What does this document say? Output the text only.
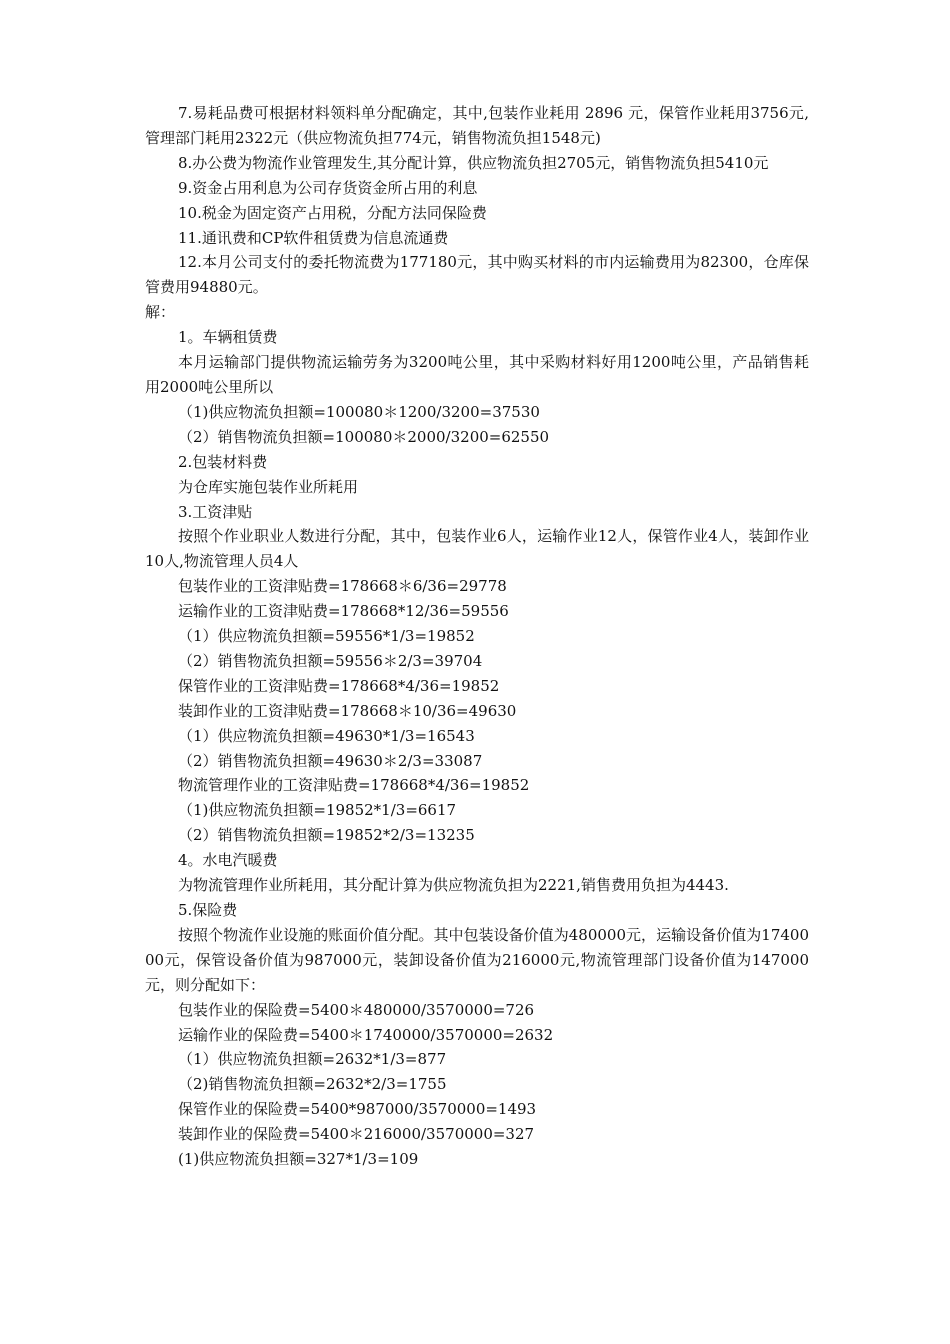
7.易耗品费可根据材料领料单分配确定，其中,包装作业耗用 2896 元，保管作业耗用3756元,管理部门耗用2322元（供应物流负担774元，销售物流负担1548元)

8.办公费为物流作业管理发生,其分配计算，供应物流负担2705元，销售物流负担5410元

9.资金占用利息为公司存货资金所占用的利息

10.税金为固定资产占用税，分配方法同保险费

11.通讯费和CP软件租赁费为信息流通费

12.本月公司支付的委托物流费为177180元，其中购买材料的市内运输费用为82300，仓库保管费用94880元。

解：

1。车辆租赁费

本月运输部门提供物流运输劳务为3200吨公里，其中采购材料好用1200吨公里，产品销售耗用2000吨公里所以

（1)供应物流负担额=100080＊1200/3200=37530

（2）销售物流负担额=100080＊2000/3200=62550

2.包装材料费

为仓库实施包装作业所耗用

3.工资津贴

按照个作业职业人数进行分配，其中，包装作业6人，运输作业12人，保管作业4人，装卸作业10人,物流管理人员4人

包装作业的工资津贴费=178668＊6/36=29778

运输作业的工资津贴费=178668*12/36=59556

（1）供应物流负担额=59556*1/3=19852

（2）销售物流负担额=59556＊2/3=39704

保管作业的工资津贴费=178668*4/36=19852

装卸作业的工资津贴费=178668＊10/36=49630

（1）供应物流负担额=49630*1/3=16543

（2）销售物流负担额=49630＊2/3=33087

物流管理作业的工资津贴费=178668*4/36=19852

（1)供应物流负担额=19852*1/3=6617

（2）销售物流负担额=19852*2/3=13235

4。水电汽暖费

为物流管理作业所耗用，其分配计算为供应物流负担为2221,销售费用负担为4443.

5.保险费

按照个物流作业设施的账面价值分配。其中包装设备价值为480000元，运输设备价值为1740000元，保管设备价值为987000元，装卸设备价值为216000元,物流管理部门设备价值为147000元，则分配如下：

包装作业的保险费=5400＊480000/3570000=726

运输作业的保险费=5400＊1740000/3570000=2632

（1）供应物流负担额=2632*1/3=877

（2)销售物流负担额=2632*2/3=1755

保管作业的保险费=5400*987000/3570000=1493

装卸作业的保险费=5400＊216000/3570000=327

(1)供应物流负担额=327*1/3=109
